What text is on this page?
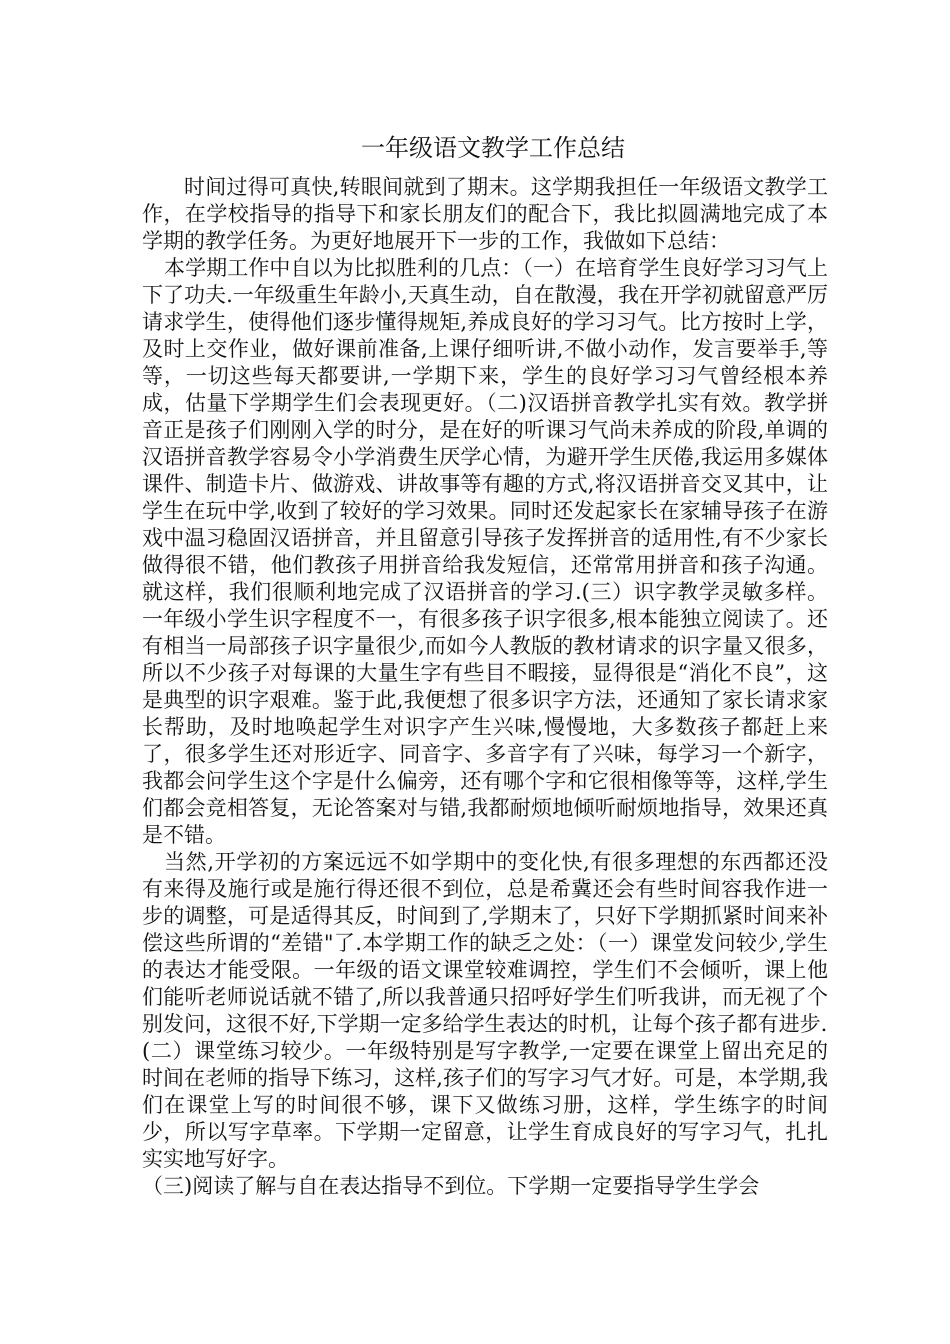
一年级语文教学工作总结

时间过得可真快,转眼间就到了期末。这学期我担任一年级语文教学工作，在学校指导的指导下和家长朋友们的配合下，我比拟圆满地完成了本学期的教学任务。为更好地展开下一步的工作，我做如下总结：

本学期工作中自以为比拟胜利的几点：（一）在培育学生良好学习习气上下了功夫.一年级重生年龄小,天真生动，自在散漫，我在开学初就留意严厉请求学生，使得他们逐步懂得规矩,养成良好的学习习气。比方按时上学，及时上交作业，做好课前准备,上课仔细听讲,不做小动作，发言要举手,等等，一切这些每天都要讲,一学期下来，学生的良好学习习气曾经根本养成，估量下学期学生们会表现更好。（二)汉语拼音教学扎实有效。教学拼音正是孩子们刚刚入学的时分，是在好的听课习气尚未养成的阶段,单调的汉语拼音教学容易令小学消费生厌学心情，为避开学生厌倦,我运用多媒体课件、制造卡片、做游戏、讲故事等有趣的方式,将汉语拼音交叉其中，让学生在玩中学,收到了较好的学习效果。同时还发起家长在家辅导孩子在游戏中温习稳固汉语拼音，并且留意引导孩子发挥拼音的适用性,有不少家长做得很不错，他们教孩子用拼音给我发短信，还常常用拼音和孩子沟通。就这样，我们很顺利地完成了汉语拼音的学习.(三）识字教学灵敏多样。一年级小学生识字程度不一，有很多孩子识字很多,根本能独立阅读了。还有相当一局部孩子识字量很少,而如今人教版的教材请求的识字量又很多，所以不少孩子对每课的大量生字有些目不暇接，显得很是“消化不良”，这是典型的识字艰难。鉴于此,我便想了很多识字方法，还通知了家长请求家长帮助，及时地唤起学生对识字产生兴味,慢慢地，大多数孩子都赶上来了，很多学生还对形近字、同音字、多音字有了兴味，每学习一个新字，我都会问学生这个字是什么偏旁，还有哪个字和它很相像等等，这样,学生们都会竞相答复，无论答案对与错,我都耐烦地倾听耐烦地指导，效果还真是不错。

当然,开学初的方案远远不如学期中的变化快,有很多理想的东西都还没有来得及施行或是施行得还很不到位，总是希冀还会有些时间容我作进一步的调整，可是适得其反，时间到了,学期末了，只好下学期抓紧时间来补偿这些所谓的“差错"了.本学期工作的缺乏之处：（一）课堂发问较少,学生的表达才能受限。一年级的语文课堂较难调控，学生们不会倾听，课上他们能听老师说话就不错了,所以我普通只招呼好学生们听我讲，而无视了个别发问，这很不好,下学期一定多给学生表达的时机，让每个孩子都有进步.

(二）课堂练习较少。一年级特别是写字教学,一定要在课堂上留出充足的时间在老师的指导下练习，这样,孩子们的写字习气才好。可是，本学期,我们在课堂上写的时间很不够，课下又做练习册，这样，学生练字的时间少，所以写字草率。下学期一定留意，让学生育成良好的写字习气，扎扎实实地写好字。

（三)阅读了解与自在表达指导不到位。下学期一定要指导学生学会
